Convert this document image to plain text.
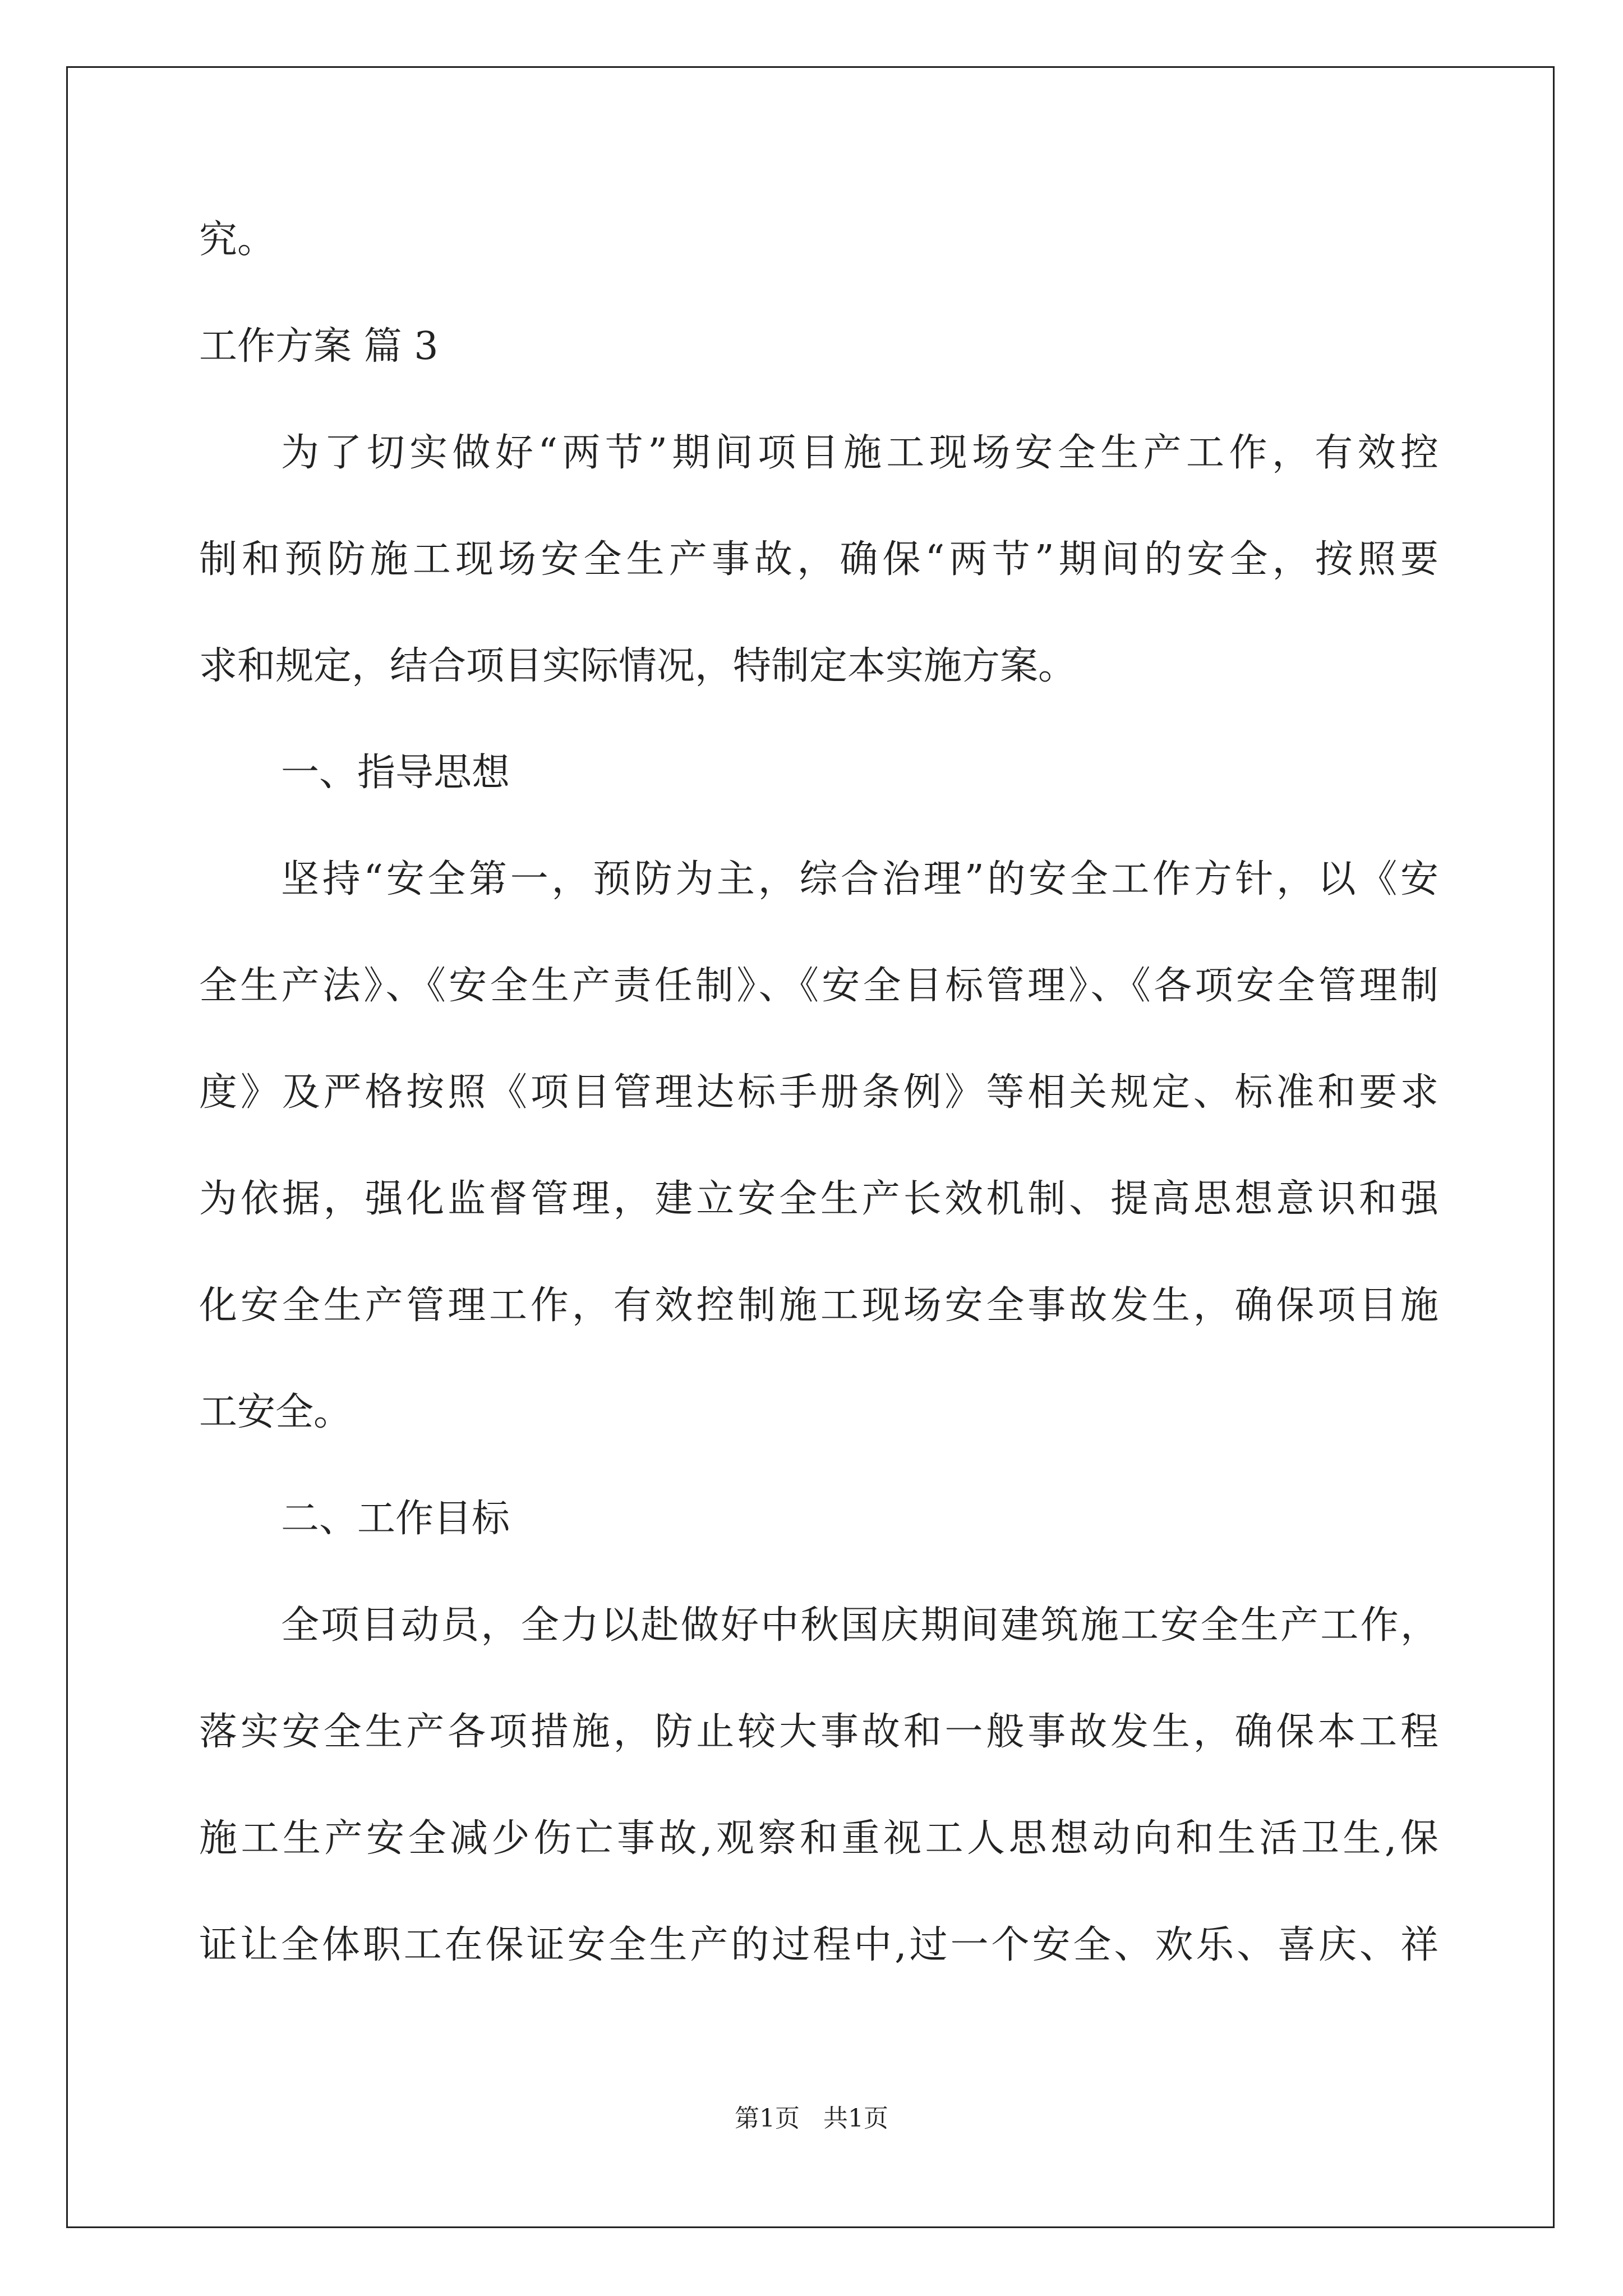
究。
工作方案 篇 3
为了切实做好“两节”期间项目施工现场安全生产工作，有效控
制和预防施工现场安全生产事故，确保“两节”期间的安全，按照要
求和规定，结合项目实际情况，特制定本实施方案。
一、指导思想
坚持“安全第一，预防为主，综合治理”的安全工作方针，以《安
全生产法》、《安全生产责任制》、《安全目标管理》、《各项安全管理制
度》及严格按照《项目管理达标手册条例》等相关规定、标准和要求
为依据，强化监督管理，建立安全生产长效机制、提高思想意识和强
化安全生产管理工作，有效控制施工现场安全事故发生，确保项目施
工安全。
二、工作目标
全项目动员，全力以赴做好中秋国庆期间建筑施工安全生产工作，
落实安全生产各项措施，防止较大事故和一般事故发生，确保本工程
施工生产安全减少伤亡事故,观察和重视工人思想动向和生活卫生,保
证让全体职工在保证安全生产的过程中,过一个安全、欢乐、喜庆、祥
第1页   共1页
